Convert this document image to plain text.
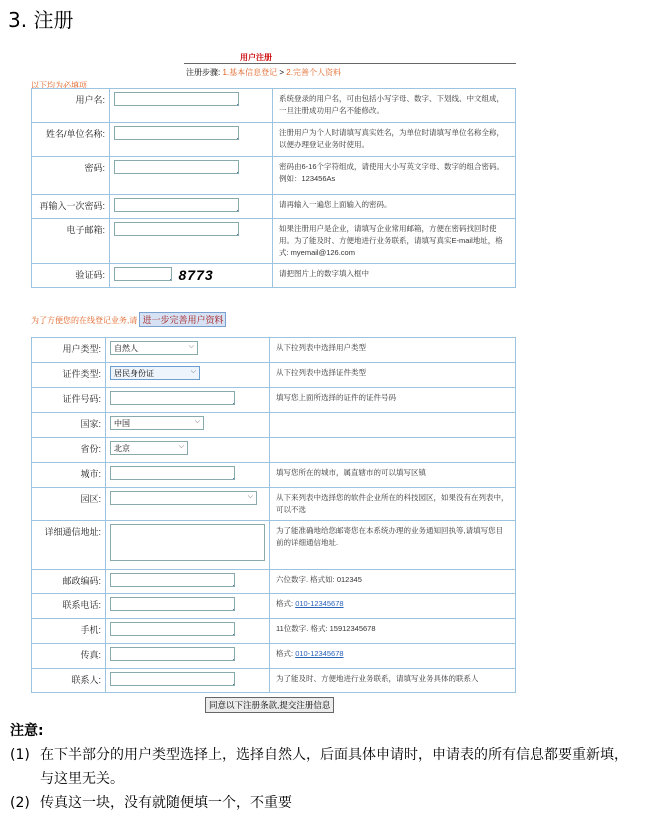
3. 注册
用户注册
注册步骤: 1.基本信息登记 > 2.完善个人资料
以下均为必填项
用户名:		系统登录的用户名，可由包括小写字母、数字、下划线、中文组成，一旦注册成功用户名不能修改。
姓名/单位名称:		注册用户为个人时请填写真实姓名，为单位时请填写单位名称全称，以便办理登记业务时使用。
密码:		密码由6-16个字符组成，请使用大小写英文字母、数字的组合密码。例如：123456As
再输入一次密码:		请再输入一遍您上面输入的密码。
电子邮箱:		如果注册用户是企业，请填写企业常用邮箱，方便在密码找回时使用。为了能及时、方便地进行业务联系，请填写真实E-mail地址，格式: myemail@126.com
验证码:	8773	请把图片上的数字填入框中
为了方便您的在线登记业务,请 进一步完善用户资料
用户类型:	自然人 ⌵	从下拉列表中选择用户类型
证件类型:	居民身份证 ⌵	从下拉列表中选择证件类型
证件号码:		填写您上面所选择的证件的证件号码
国家:	中国 ⌵	

省份:	北京 ⌵	

城市:		填写您所在的城市，属直辖市的可以填写区镇
园区:	⌵	从下来列表中选择您的软件企业所在的科技园区，如果没有在列表中，可以不选
详细通信地址:		为了能准确地给您邮寄您在本系统办理的业务通知回执等,请填写您目前的详细通信地址.
邮政编码:		六位数字. 格式如: 012345
联系电话:		格式: 010-12345678
手机:		11位数字. 格式: 15912345678
传真:		格式: 010-12345678
联系人:		为了能及时、方便地进行业务联系，请填写业务具体的联系人
同意以下注册条款,提交注册信息
注意:
(1) 在下半部分的用户类型选择上，选择自然人，后面具体申请时，申请表的所有信息都要重新填，与这里无关。
(2) 传真这一块，没有就随便填一个，不重要
